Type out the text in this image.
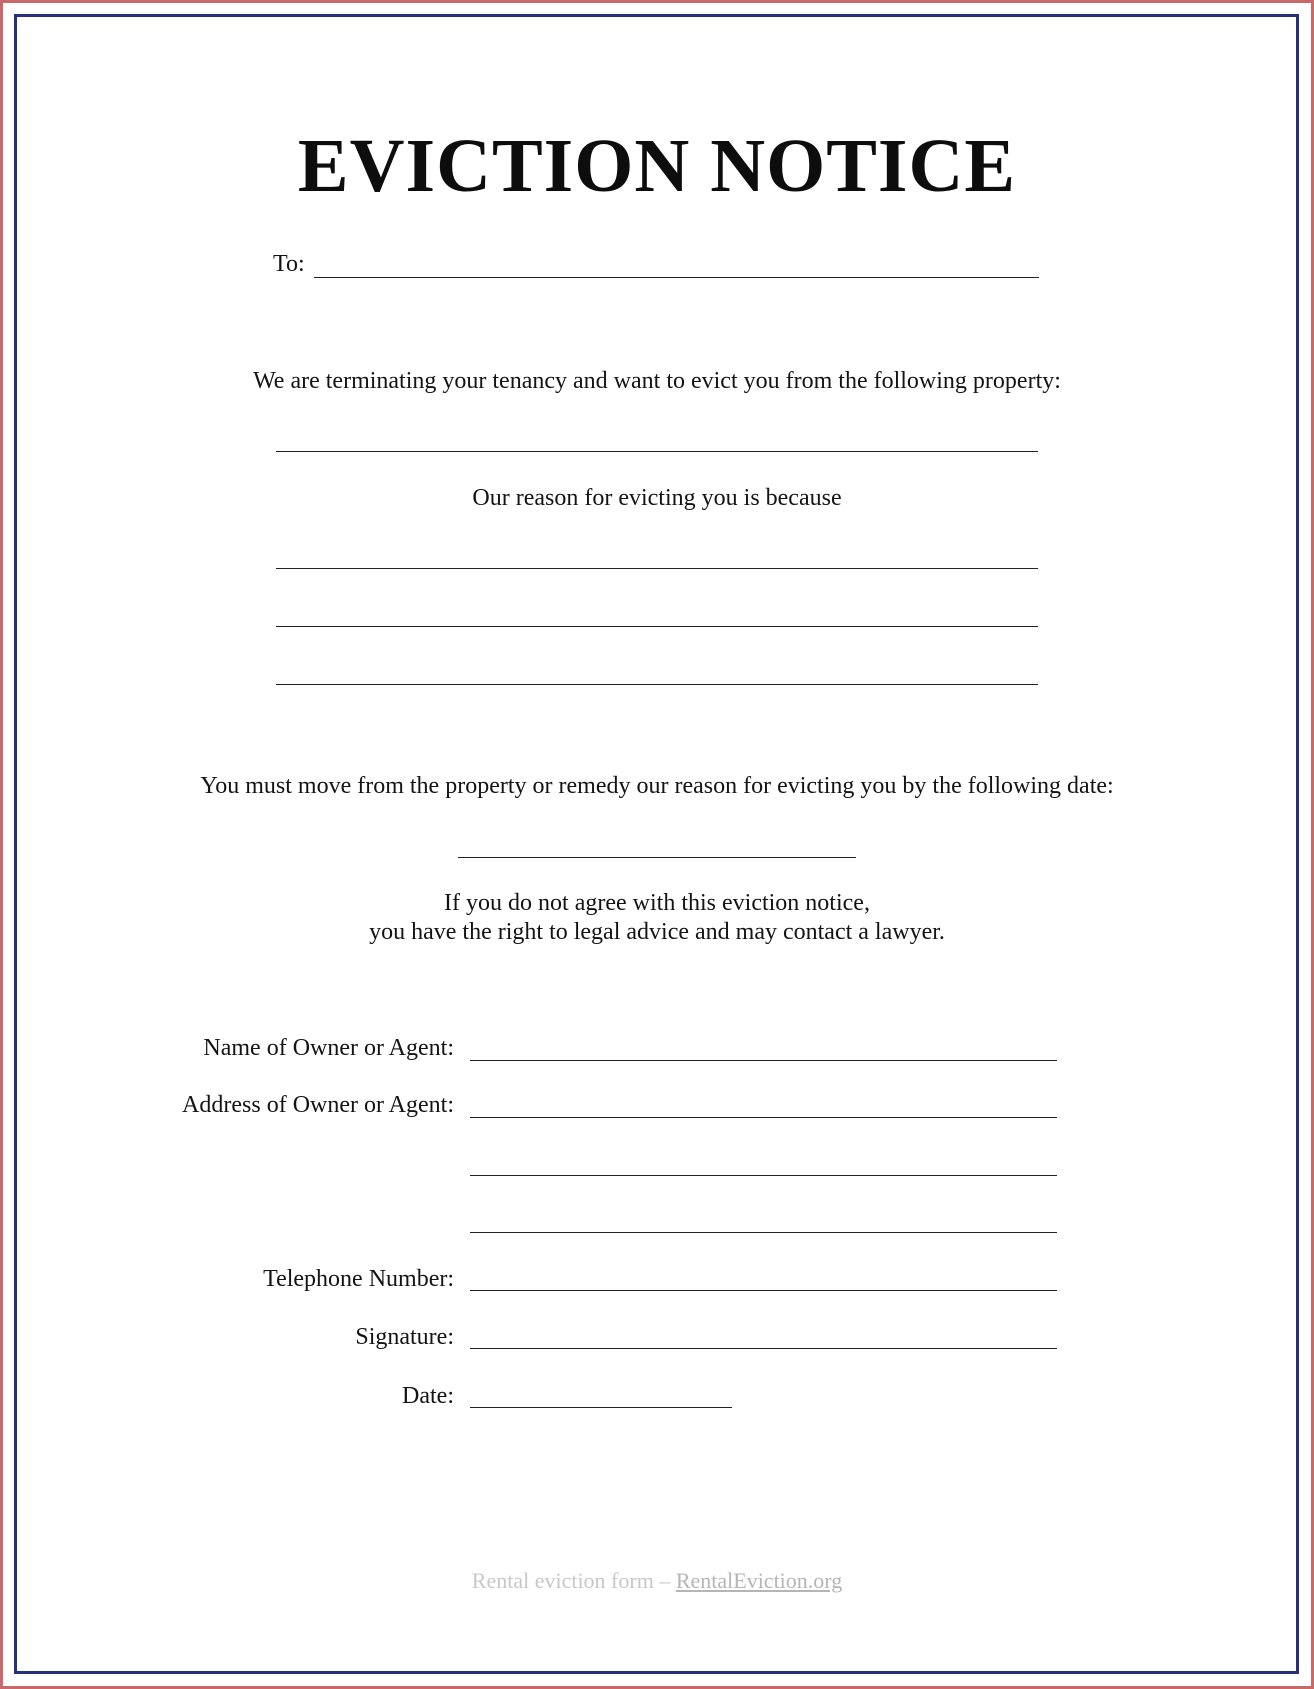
EVICTION NOTICE
To:
We are terminating your tenancy and want to evict you from the following property:
Our reason for evicting you is because
You must move from the property or remedy our reason for evicting you by the following date:
If you do not agree with this eviction notice,
you have the right to legal advice and may contact a lawyer.
Name of Owner or Agent:
Address of Owner or Agent:
Telephone Number:
Signature:
Date:
Rental eviction form – RentalEviction.org
